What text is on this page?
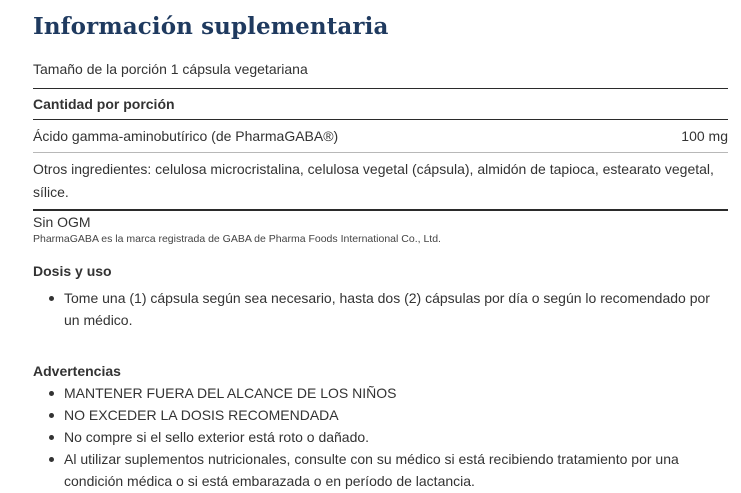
Información suplementaria
Tamaño de la porción 1 cápsula vegetariana
Cantidad por porción
Ácido gamma-aminobutírico (de PharmaGABA®)	100 mg
Otros ingredientes: celulosa microcristalina, celulosa vegetal (cápsula), almidón de tapioca, estearato vegetal, sílice.
Sin OGM
PharmaGABA es la marca registrada de GABA de Pharma Foods International Co., Ltd.
Dosis y uso
Tome una (1) cápsula según sea necesario, hasta dos (2) cápsulas por día o según lo recomendado por un médico.
Advertencias
MANTENER FUERA DEL ALCANCE DE LOS NIÑOS
NO EXCEDER LA DOSIS RECOMENDADA
No compre si el sello exterior está roto o dañado.
Al utilizar suplementos nutricionales, consulte con su médico si está recibiendo tratamiento por una condición médica o si está embarazada o en período de lactancia.
